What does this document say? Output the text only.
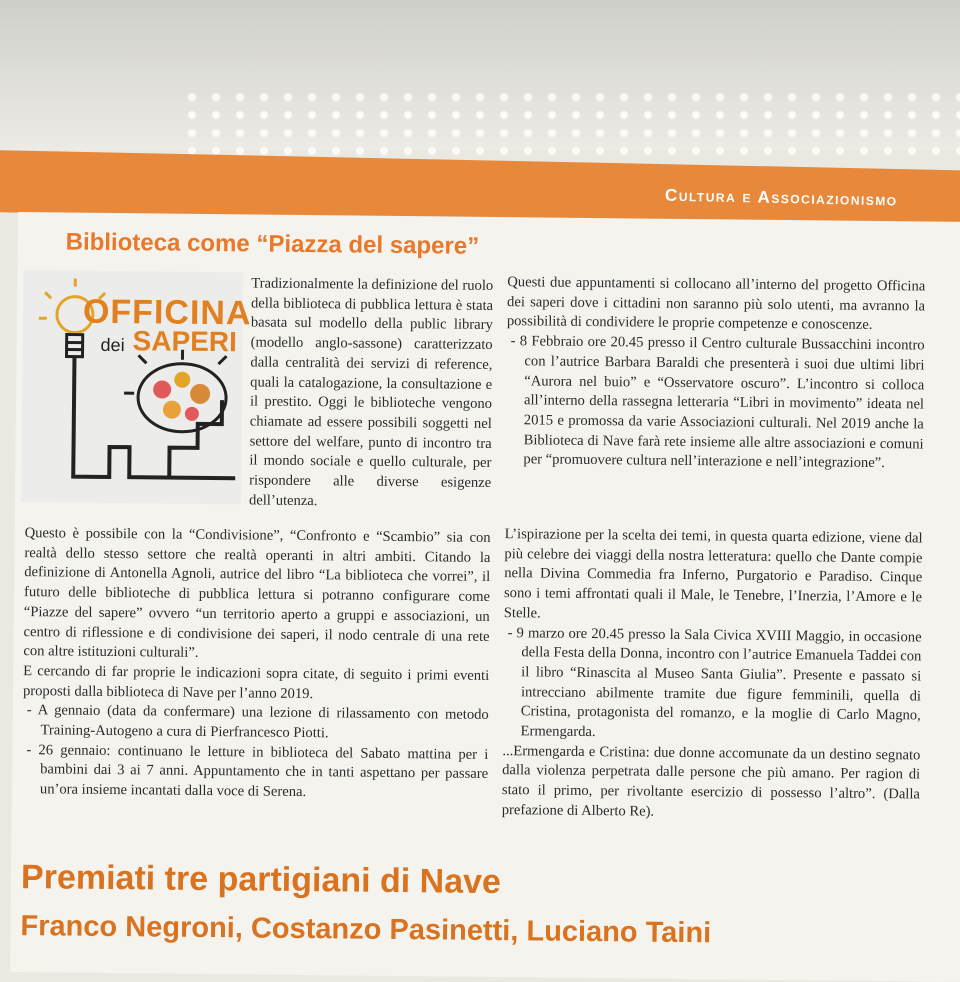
Cultura e Associazionismo
Biblioteca come “Piazza del sapere”
OFFICINA
dei SAPERI

Tradizionalmente la definizione del ruolo della biblioteca di pubblica lettura è stata basata sul modello della public library (modello anglo-sassone) caratterizzato dalla centralità dei servizi di reference, quali la catalogazione, la consultazione e il prestito. Oggi le biblioteche vengono chiamate ad essere possibili soggetti nel settore del welfare, punto di incontro tra il mondo sociale e quello culturale, per rispondere alle diverse esigenze dell’utenza.

Questo è possibile con la “Condivisione”, “Confronto e “Scambio” sia con realtà dello stesso settore che realtà operanti in altri ambiti. Citando la definizione di Antonella Agnoli, autrice del libro “La biblioteca che vorrei”, il futuro delle biblioteche di pubblica lettura si potranno configurare come “Piazze del sapere” ovvero “un territorio aperto a gruppi e associazioni, un centro di riflessione e di condivisione dei saperi, il nodo centrale di una rete con altre istituzioni culturali”.

E cercando di far proprie le indicazioni sopra citate, di seguito i primi eventi proposti dalla biblioteca di Nave per l’anno 2019.

- A gennaio (data da confermare) una lezione di rilassamento con metodo Training-Autogeno a cura di Pierfrancesco Piotti.

- 26 gennaio: continuano le letture in biblioteca del Sabato mattina per i bambini dai 3 ai 7 anni. Appuntamento che in tanti aspettano per passare un’ora insieme incantati dalla voce di Serena.

Questi due appuntamenti si collocano all’interno del progetto Officina dei saperi dove i cittadini non saranno più solo utenti, ma avranno la possibilità di condividere le proprie competenze e conoscenze.

- 8 Febbraio ore 20.45 presso il Centro culturale Bussacchini incontro con l’autrice Barbara Baraldi che presenterà i suoi due ultimi libri “Aurora nel buio” e “Osservatore oscuro”. L’incontro si colloca all’interno della rassegna letteraria “Libri in movimento” ideata nel 2015 e promossa da varie Associazioni culturali. Nel 2019 anche la Biblioteca di Nave farà rete insieme alle altre associazioni e comuni per “promuovere cultura nell’interazione e nell’integrazione”.

L’ispirazione per la scelta dei temi, in questa quarta edizione, viene dal più celebre dei viaggi della nostra letteratura: quello che Dante compie nella Divina Commedia fra Inferno, Purgatorio e Paradiso. Cinque sono i temi affrontati quali il Male, le Tenebre, l’Inerzia, l’Amore e le Stelle.

- 9 marzo ore 20.45 presso la Sala Civica XVIII Maggio, in occasione della Festa della Donna, incontro con l’autrice Emanuela Taddei con il libro “Rinascita al Museo Santa Giulia”. Presente e passato si intrecciano abilmente tramite due figure femminili, quella di Cristina, protagonista del romanzo, e la moglie di Carlo Magno, Ermengarda.

...Ermengarda e Cristina: due donne accomunate da un destino segnato dalla violenza perpetrata dalle persone che più amano. Per ragion di stato il primo, per rivoltante esercizio di possesso l’altro”. (Dalla prefazione di Alberto Re).

Premiati tre partigiani di Nave
Franco Negroni, Costanzo Pasinetti, Luciano Taini
